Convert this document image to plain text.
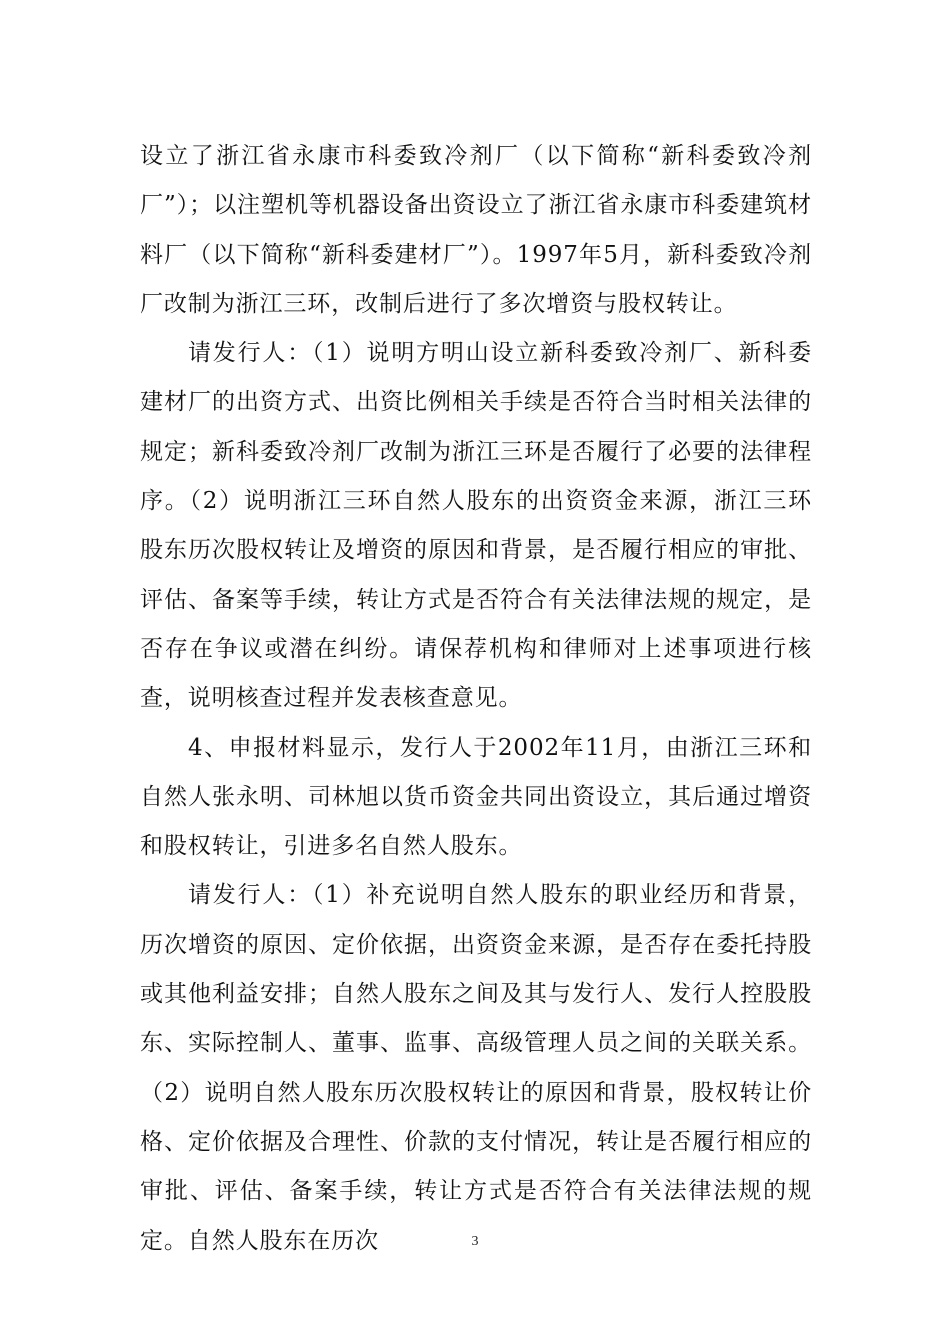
设立了浙江省永康市科委致冷剂厂（以下简称“新科委致冷剂厂”）；以注塑机等机器设备出资设立了浙江省永康市科委建筑材料厂（以下简称“新科委建材厂”）。1997年5月，新科委致冷剂厂改制为浙江三环，改制后进行了多次增资与股权转让。

请发行人：（1）说明方明山设立新科委致冷剂厂、新科委建材厂的出资方式、出资比例相关手续是否符合当时相关法律的规定；新科委致冷剂厂改制为浙江三环是否履行了必要的法律程序。（2）说明浙江三环自然人股东的出资资金来源，浙江三环股东历次股权转让及增资的原因和背景，是否履行相应的审批、评估、备案等手续，转让方式是否符合有关法律法规的规定，是否存在争议或潜在纠纷。请保荐机构和律师对上述事项进行核查，说明核查过程并发表核查意见。

4、申报材料显示，发行人于2002年11月，由浙江三环和自然人张永明、司林旭以货币资金共同出资设立，其后通过增资和股权转让，引进多名自然人股东。

请发行人：（1）补充说明自然人股东的职业经历和背景，历次增资的原因、定价依据，出资资金来源，是否存在委托持股或其他利益安排；自然人股东之间及其与发行人、发行人控股股东、实际控制人、董事、监事、高级管理人员之间的关联关系。（2）说明自然人股东历次股权转让的原因和背景，股权转让价格、定价依据及合理性、价款的支付情况，转让是否履行相应的审批、评估、备案手续，转让方式是否符合有关法律法规的规定。自然人股东在历次	3
